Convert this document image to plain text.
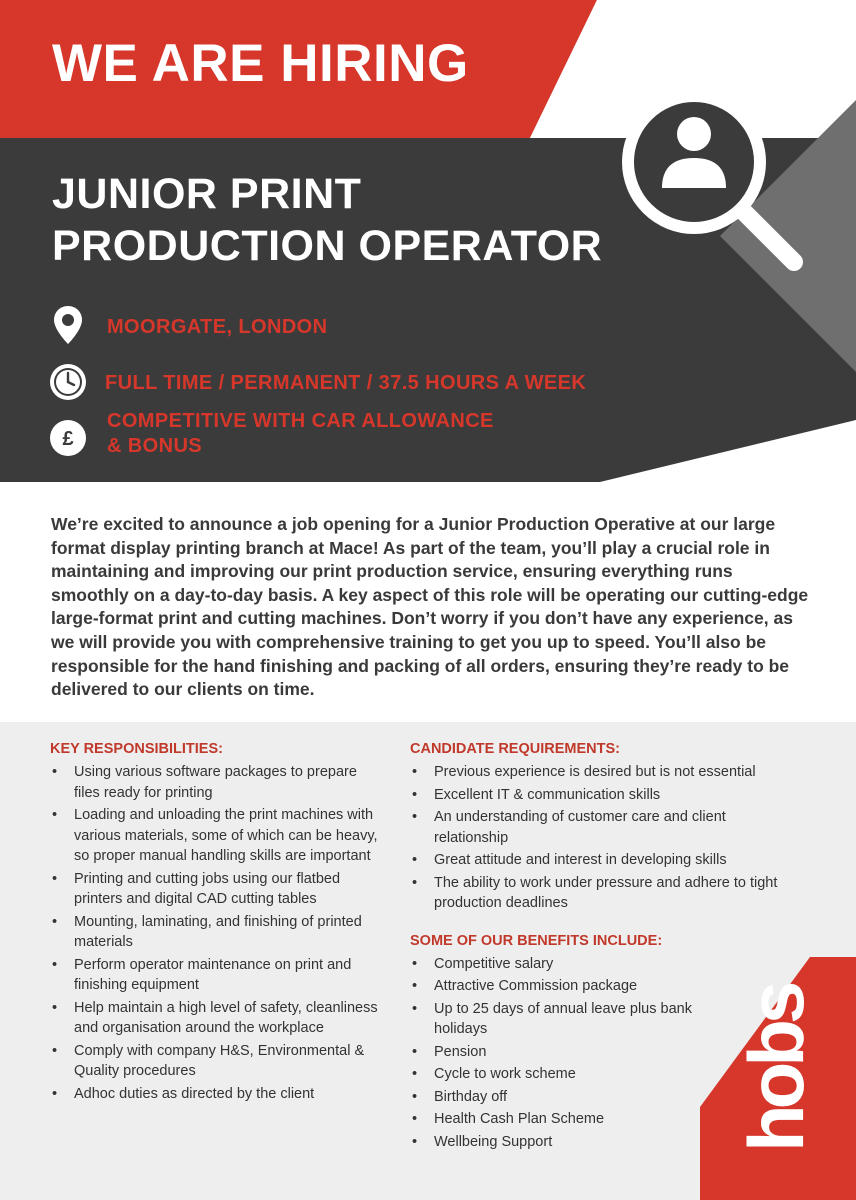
WE ARE HIRING
JUNIOR PRINT
PRODUCTION OPERATOR
MOORGATE, LONDON
FULL TIME / PERMANENT / 37.5 HOURS A WEEK
£
COMPETITIVE WITH CAR ALLOWANCE
& BONUS

We’re excited to announce a job opening for a Junior Production Operative at our large format display printing branch at Mace! As part of the team, you’ll play a crucial role in maintaining and improving our print production service, ensuring everything runs smoothly on a day-to-day basis. A key aspect of this role will be operating our cutting-edge large-format print and cutting machines. Don’t worry if you don’t have any experience, as we will provide you with comprehensive training to get you up to speed. You’ll also be responsible for the hand finishing and packing of all orders, ensuring they’re ready to be delivered to our clients on time.

hobs
KEY RESPONSIBILITIES:
• Using various software packages to prepare files ready for printing
• Loading and unloading the print machines with various materials, some of which can be heavy, so proper manual handling skills are important
• Printing and cutting jobs using our flatbed printers and digital CAD cutting tables
• Mounting, laminating, and finishing of printed materials
• Perform operator maintenance on print and finishing equipment
• Help maintain a high level of safety, cleanliness and organisation around the workplace
• Comply with company H&S, Environmental & Quality procedures
• Adhoc duties as directed by the client
CANDIDATE REQUIREMENTS:
• Previous experience is desired but is not essential
• Excellent IT & communication skills
• An understanding of customer care and client relationship
• Great attitude and interest in developing skills
• The ability to work under pressure and adhere to tight production deadlines
SOME OF OUR BENEFITS INCLUDE:
• Competitive salary
• Attractive Commission package
• Up to 25 days of annual leave plus bank holidays
• Pension
• Cycle to work scheme
• Birthday off
• Health Cash Plan Scheme
• Wellbeing Support
